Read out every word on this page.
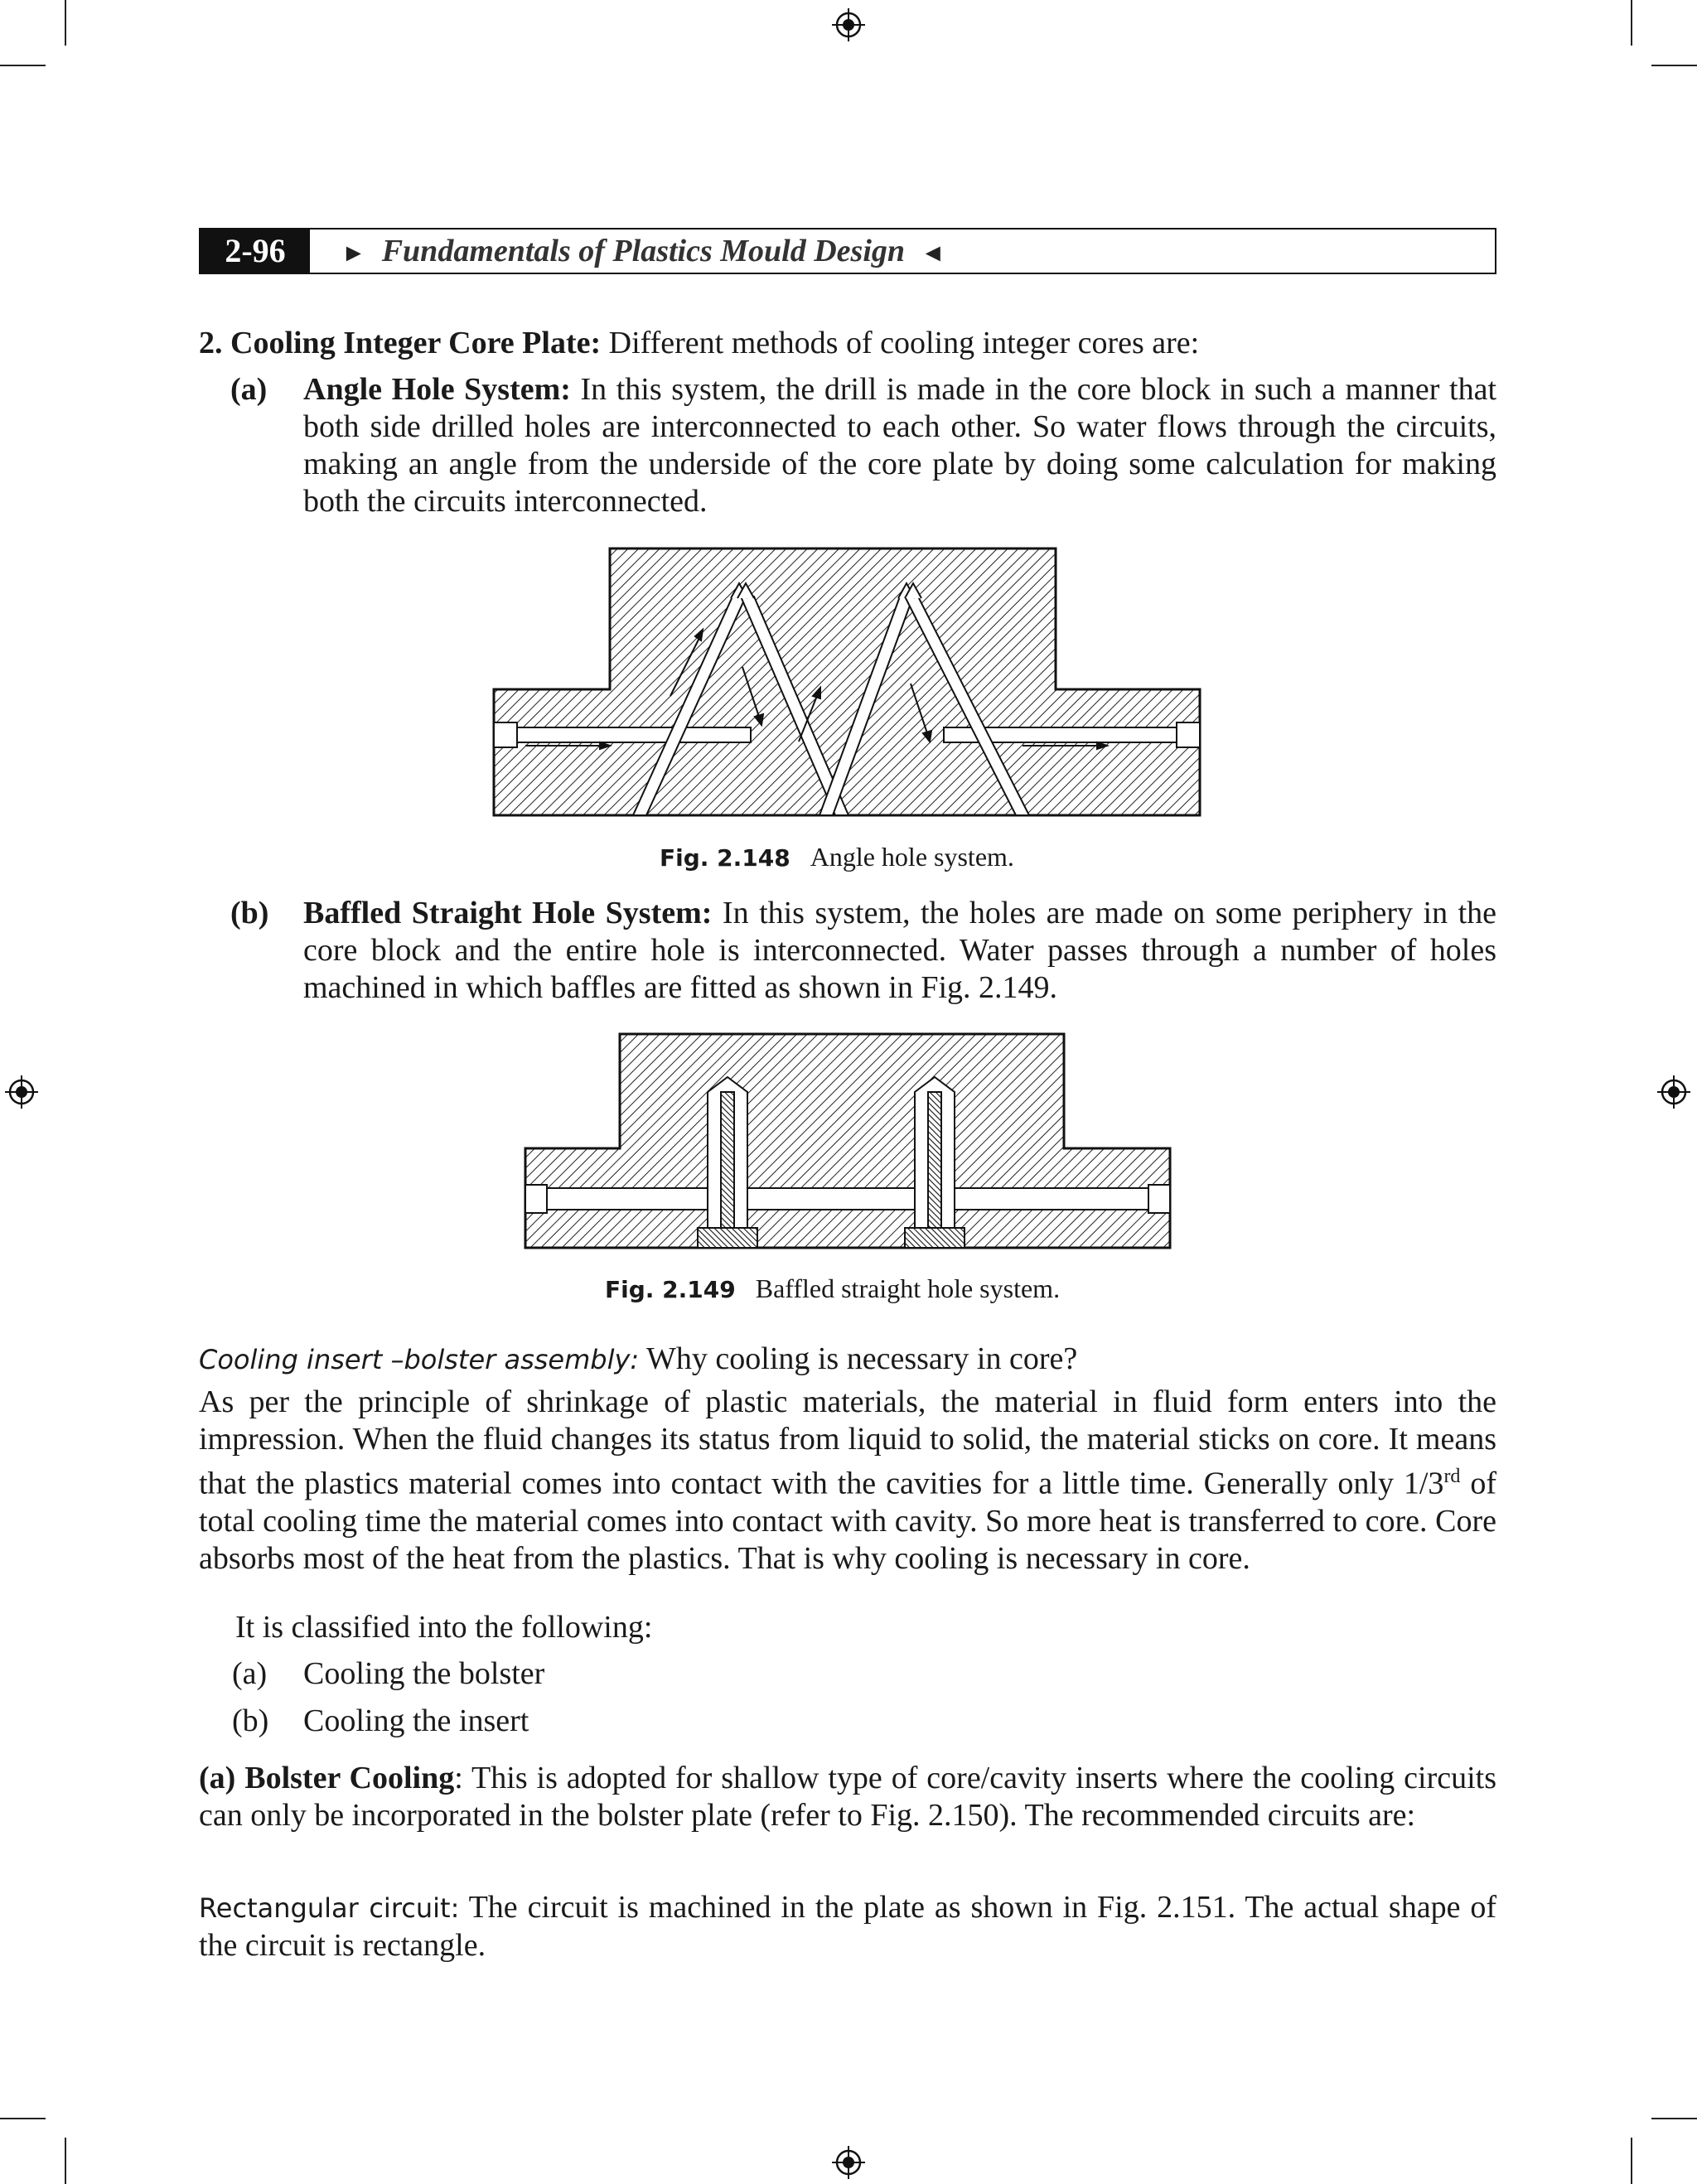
2-96	► Fundamentals of Plastics Mould Design ◄
2. Cooling Integer Core Plate: Different methods of cooling integer cores are:
(a) Angle Hole System: In this system, the drill is made in the core block in such a manner that both side drilled holes are interconnected to each other. So water flows through the circuits, making an angle from the underside of the core plate by doing some calculation for making both the circuits interconnected.
Fig. 2.148 Angle hole system.
(b) Baffled Straight Hole System: In this system, the holes are made on some periphery in the core block and the entire hole is interconnected. Water passes through a number of holes machined in which baffles are fitted as shown in Fig. 2.149.
Fig. 2.149 Baffled straight hole system.
Cooling insert –bolster assembly: Why cooling is necessary in core?
As per the principle of shrinkage of plastic materials, the material in fluid form enters into the impression. When the fluid changes its status from liquid to solid, the material sticks on core. It means that the plastics material comes into contact with the cavities for a little time. Generally only 1/3rd of total cooling time the material comes into contact with cavity. So more heat is transferred to core. Core absorbs most of the heat from the plastics. That is why cooling is necessary in core.
It is classified into the following:
(a) Cooling the bolster
(b) Cooling the insert
(a) Bolster Cooling: This is adopted for shallow type of core/cavity inserts where the cooling circuits can only be incorporated in the bolster plate (refer to Fig. 2.150). The recommended circuits are:
Rectangular circuit: The circuit is machined in the plate as shown in Fig. 2.151. The actual shape of the circuit is rectangle.
